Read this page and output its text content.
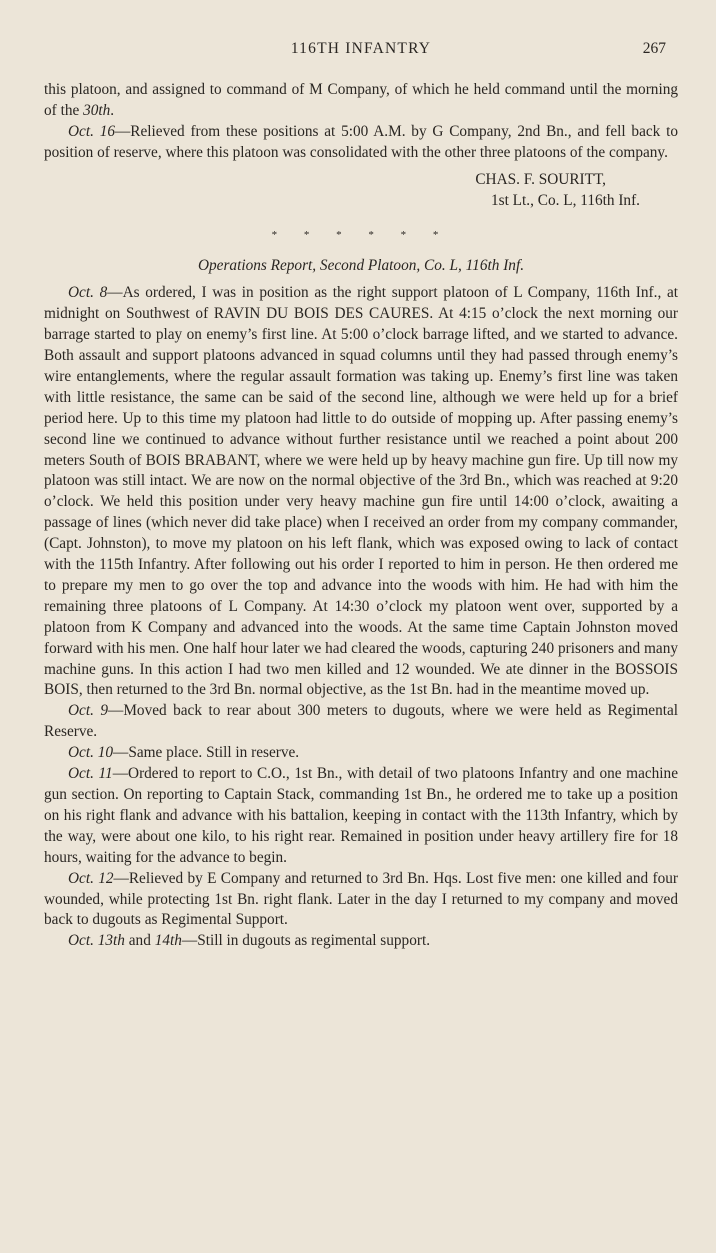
116TH INFANTRY	267

this platoon, and assigned to command of M Company, of which he held command until the morning of the 30th.

Oct. 16—Relieved from these positions at 5:00 A.M. by G Company, 2nd Bn., and fell back to position of reserve, where this platoon was consolidated with the other three platoons of the company.

CHAS. F. SOURITT,
1st Lt., Co. L, 116th Inf.
* * * * * *
Operations Report, Second Platoon, Co. L, 116th Inf.

Oct. 8—As ordered, I was in position as the right support platoon of L Company, 116th Inf., at midnight on Southwest of RAVIN DU BOIS DES CAURES. At 4:15 o’clock the next morning our barrage started to play on enemy’s first line. At 5:00 o’clock barrage lifted, and we started to advance. Both assault and support platoons advanced in squad columns until they had passed through enemy’s wire entanglements, where the regular assault formation was taking up. Enemy’s first line was taken with little resistance, the same can be said of the second line, although we were held up for a brief period here. Up to this time my platoon had little to do outside of mopping up. After passing enemy’s second line we continued to advance without further resistance until we reached a point about 200 meters South of BOIS BRABANT, where we were held up by heavy machine gun fire. Up till now my platoon was still intact. We are now on the normal objective of the 3rd Bn., which was reached at 9:20 o’clock. We held this position under very heavy machine gun fire until 14:00 o’clock, awaiting a passage of lines (which never did take place) when I received an order from my company commander, (Capt. Johnston), to move my platoon on his left flank, which was exposed owing to lack of contact with the 115th Infantry. After following out his order I reported to him in person. He then ordered me to prepare my men to go over the top and advance into the woods with him. He had with him the remaining three platoons of L Company. At 14:30 o’clock my platoon went over, supported by a platoon from K Company and advanced into the woods. At the same time Captain Johnston moved forward with his men. One half hour later we had cleared the woods, capturing 240 prisoners and many machine guns. In this action I had two men killed and 12 wounded. We ate dinner in the BOSSOIS BOIS, then returned to the 3rd Bn. normal objective, as the 1st Bn. had in the meantime moved up.

Oct. 9—Moved back to rear about 300 meters to dugouts, where we were held as Regimental Reserve.

Oct. 10—Same place. Still in reserve.

Oct. 11—Ordered to report to C.O., 1st Bn., with detail of two platoons Infantry and one machine gun section. On reporting to Captain Stack, commanding 1st Bn., he ordered me to take up a position on his right flank and advance with his battalion, keeping in contact with the 113th Infantry, which by the way, were about one kilo, to his right rear. Remained in position under heavy artillery fire for 18 hours, waiting for the advance to begin.

Oct. 12—Relieved by E Company and returned to 3rd Bn. Hqs. Lost five men: one killed and four wounded, while protecting 1st Bn. right flank. Later in the day I returned to my company and moved back to dugouts as Regimental Support.

Oct. 13th and 14th—Still in dugouts as regimental support.
